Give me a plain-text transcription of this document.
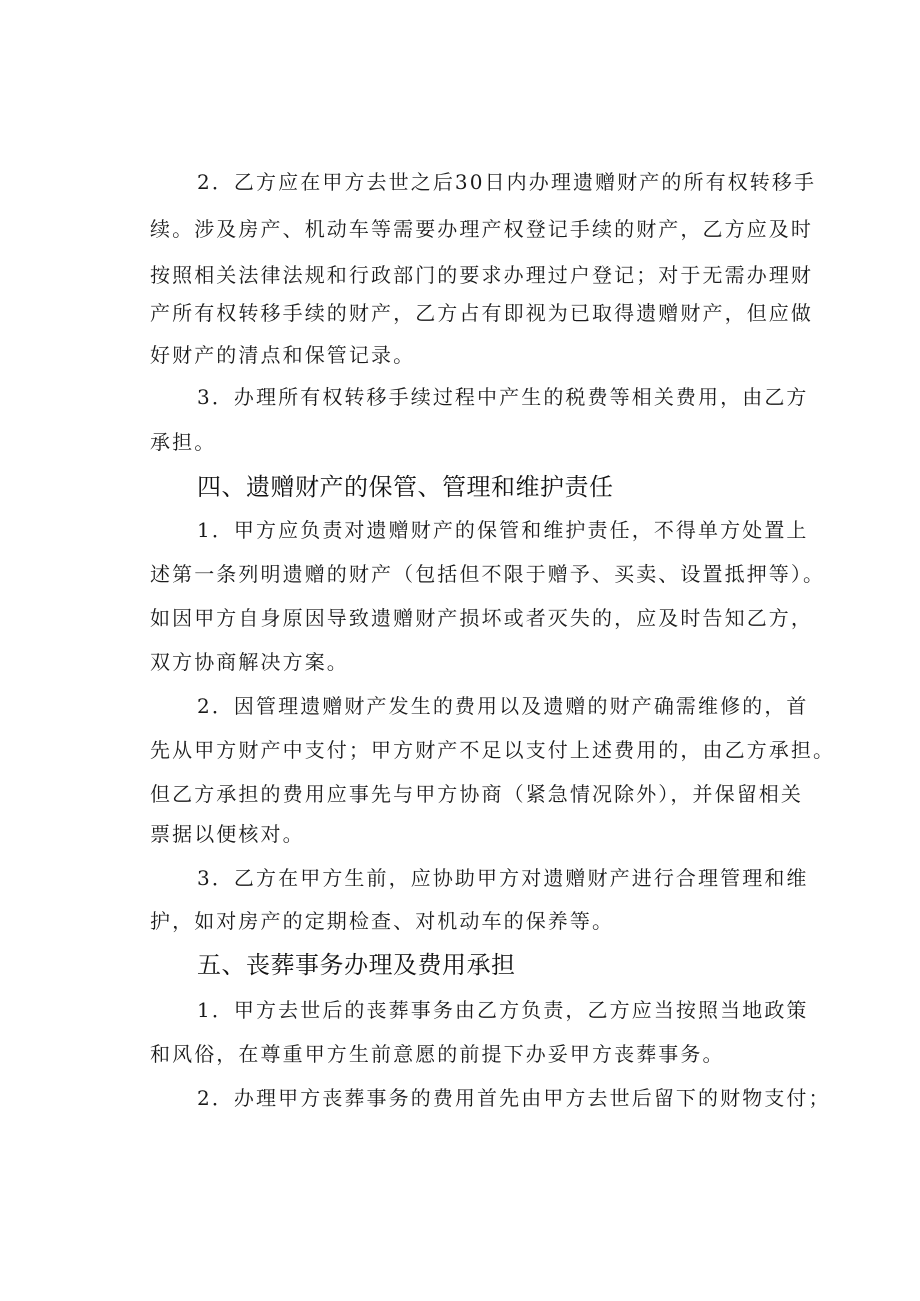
2．乙方应在甲方去世之后30日内办理遗赠财产的所有权转移手
续。涉及房产、机动车等需要办理产权登记手续的财产，乙方应及时
按照相关法律法规和行政部门的要求办理过户登记；对于无需办理财
产所有权转移手续的财产，乙方占有即视为已取得遗赠财产，但应做
好财产的清点和保管记录。
3．办理所有权转移手续过程中产生的税费等相关费用，由乙方
承担。
四、遗赠财产的保管、管理和维护责任
1．甲方应负责对遗赠财产的保管和维护责任，不得单方处置上
述第一条列明遗赠的财产（包括但不限于赠予、买卖、设置抵押等）。
如因甲方自身原因导致遗赠财产损坏或者灭失的，应及时告知乙方，
双方协商解决方案。
2．因管理遗赠财产发生的费用以及遗赠的财产确需维修的，首
先从甲方财产中支付；甲方财产不足以支付上述费用的，由乙方承担。
但乙方承担的费用应事先与甲方协商（紧急情况除外），并保留相关
票据以便核对。
3．乙方在甲方生前，应协助甲方对遗赠财产进行合理管理和维
护，如对房产的定期检查、对机动车的保养等。
五、丧葬事务办理及费用承担
1．甲方去世后的丧葬事务由乙方负责，乙方应当按照当地政策
和风俗，在尊重甲方生前意愿的前提下办妥甲方丧葬事务。
2．办理甲方丧葬事务的费用首先由甲方去世后留下的财物支付；
